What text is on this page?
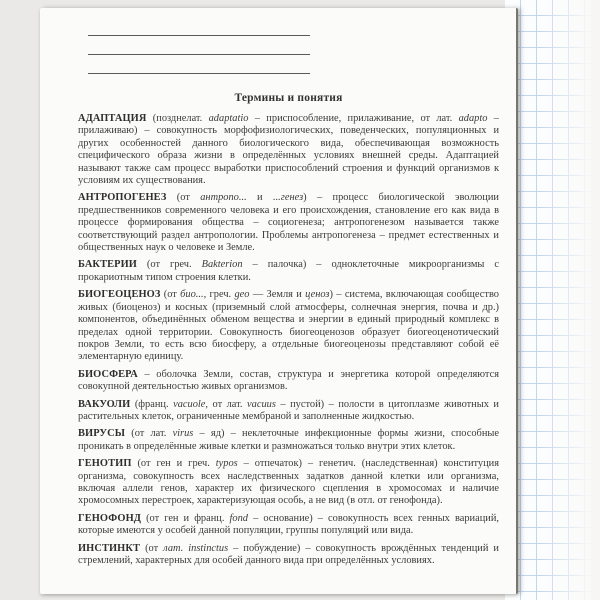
Термины и понятия

АДАПТАЦИЯ (позднелат. adaptatio – приспособление, прилаживание, от лат. adapto – прилаживаю) – совокупность морфофизиологических, поведенческих, популяционных и других особенностей данного биологического вида, обеспечивающая возможность специфического образа жизни в определённых условиях внешней среды. Адаптацией называют также сам процесс выработки приспособлений строения и функций организмов к условиям их существования.

АНТРОПОГЕНЕЗ (от антропо... и ...генез) – процесс биологической эволюции предшественников современного человека и его происхождения, становление его как вида в процессе формирования общества – социогенеза; антропогенезом называется также соответствующий раздел антропологии. Проблемы антропогенеза – предмет естественных и общественных наук о человеке и Земле.

БАКТЕРИИ (от греч. Bakterion – палочка) – одноклеточные микроорганизмы с прокариотным типом строения клетки.

БИОГЕОЦЕНОЗ (от био..., греч. geo — Земля и ценоз) – система, включающая сообщество живых (биоценоз) и косных (приземный слой атмосферы, солнечная энергия, почва и др.) компонентов, объединённых обменом вещества и энергии в единый природный комплекс в пределах одной территории. Совокупность биогеоценозов образует биогеоценотический покров Земли, то есть всю биосферу, а отдельные биогеоценозы представляют собой её элементарную единицу.

БИОСФЕРА – оболочка Земли, состав, структура и энергетика которой определяются совокупной деятельностью живых организмов.

ВАКУОЛИ (франц. vacuole, от лат. vacuus – пустой) – полости в цитоплазме животных и растительных клеток, ограниченные мембраной и заполненные жидкостью.

ВИРУСЫ (от лат. virus – яд) – неклеточные инфекционные формы жизни, способные проникать в определённые живые клетки и размножаться только внутри этих клеток.

ГЕНОТИП (от ген и греч. typos – отпечаток) – генетич. (наследственная) конституция организма, совокупность всех наследственных задатков данной клетки или организма, включая аллели генов, характер их физического сцепления в хромосомах и наличие хромосомных перестроек, характеризующая особь, а не вид (в отл. от генофонда).

ГЕНОФОНД (от ген и франц. fond – основание) – совокупность всех генных вариаций, которые имеются у особей данной популяции, группы популяций или вида.

ИНСТИНКТ (от лат. instinctus – побуждение) – совокупность врождённых тенденций и стремлений, характерных для особей данного вида при определённых условиях.
